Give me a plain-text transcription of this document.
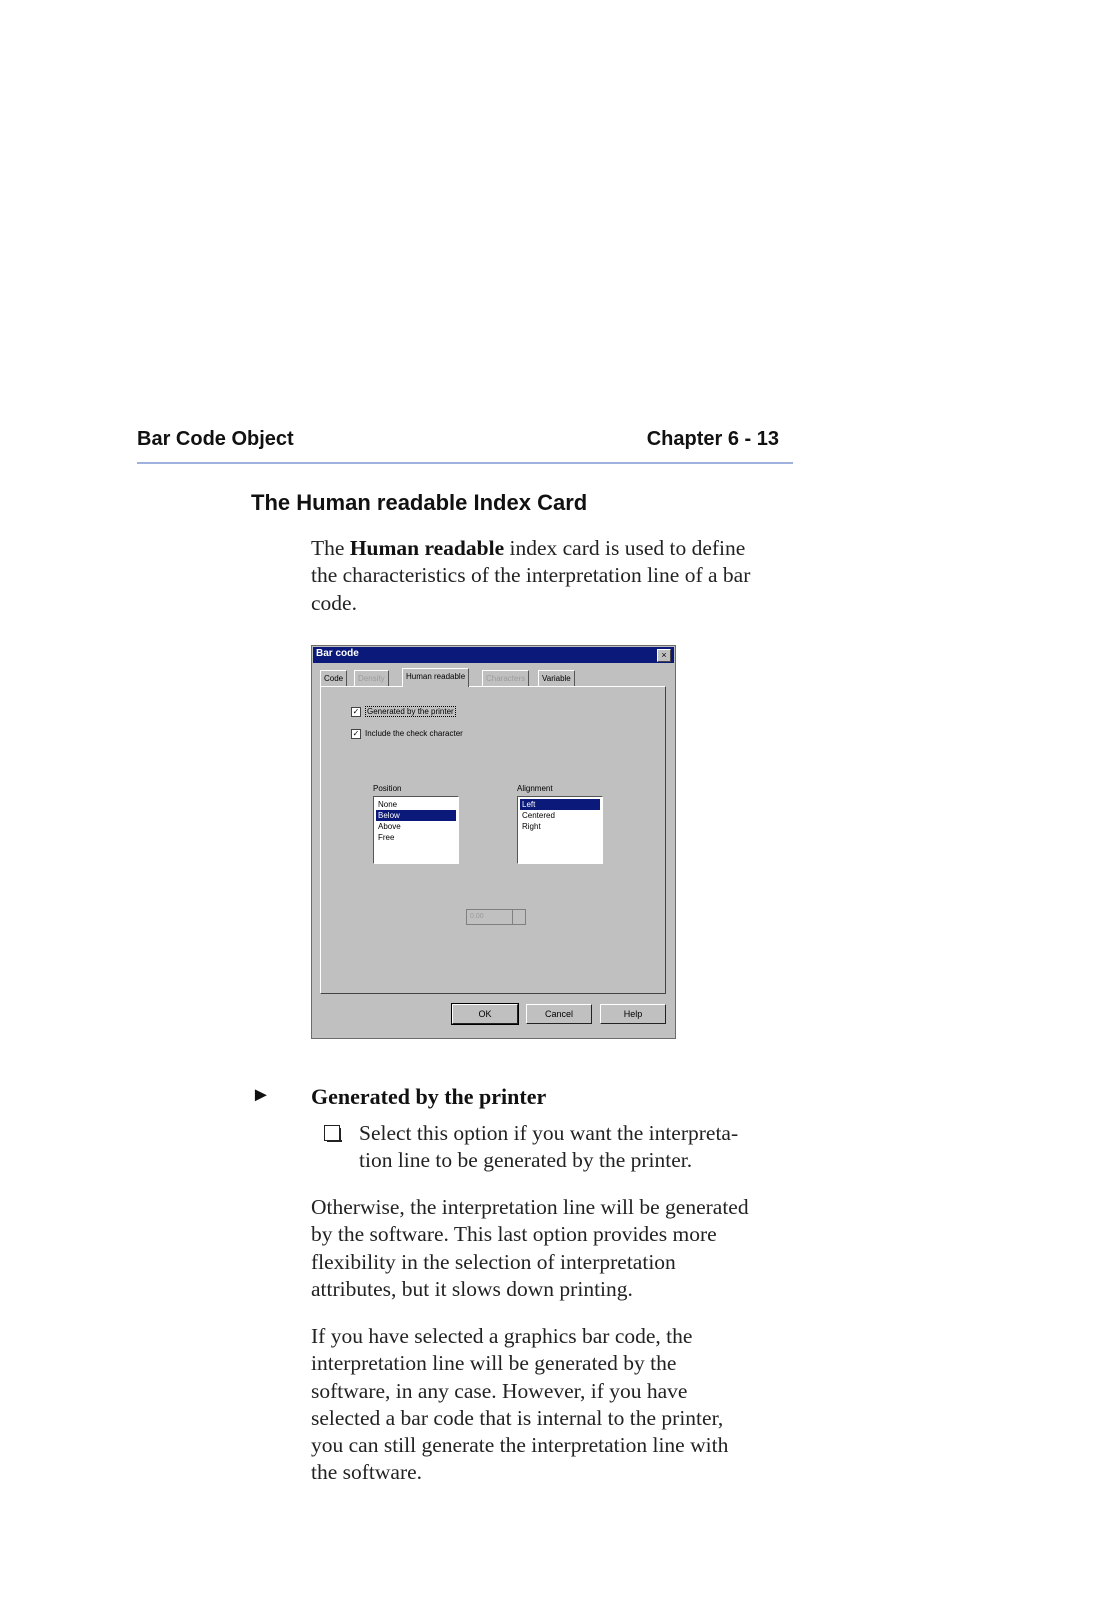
Bar Code Object	Chapter 6 - 13
The Human readable Index Card
The Human readable index card is used to define
the characteristics of the interpretation line of a bar
code.
Bar code	×
Code	Density	Human readable	Characters	Variable
✓ Generated by the printer
✓ Include the check character
Position
None
Below
Above
Free
Alignment
Left
Centered
Right
0.00
OK	Cancel	Help
► Generated by the printer
Select this option if you want the interpreta-
tion line to be generated by the printer.
Otherwise, the interpretation line will be generated
by the software. This last option provides more
flexibility in the selection of interpretation
attributes, but it slows down printing.
If you have selected a graphics bar code, the
interpretation line will be generated by the
software, in any case. However, if you have
selected a bar code that is internal to the printer,
you can still generate the interpretation line with
the software.
